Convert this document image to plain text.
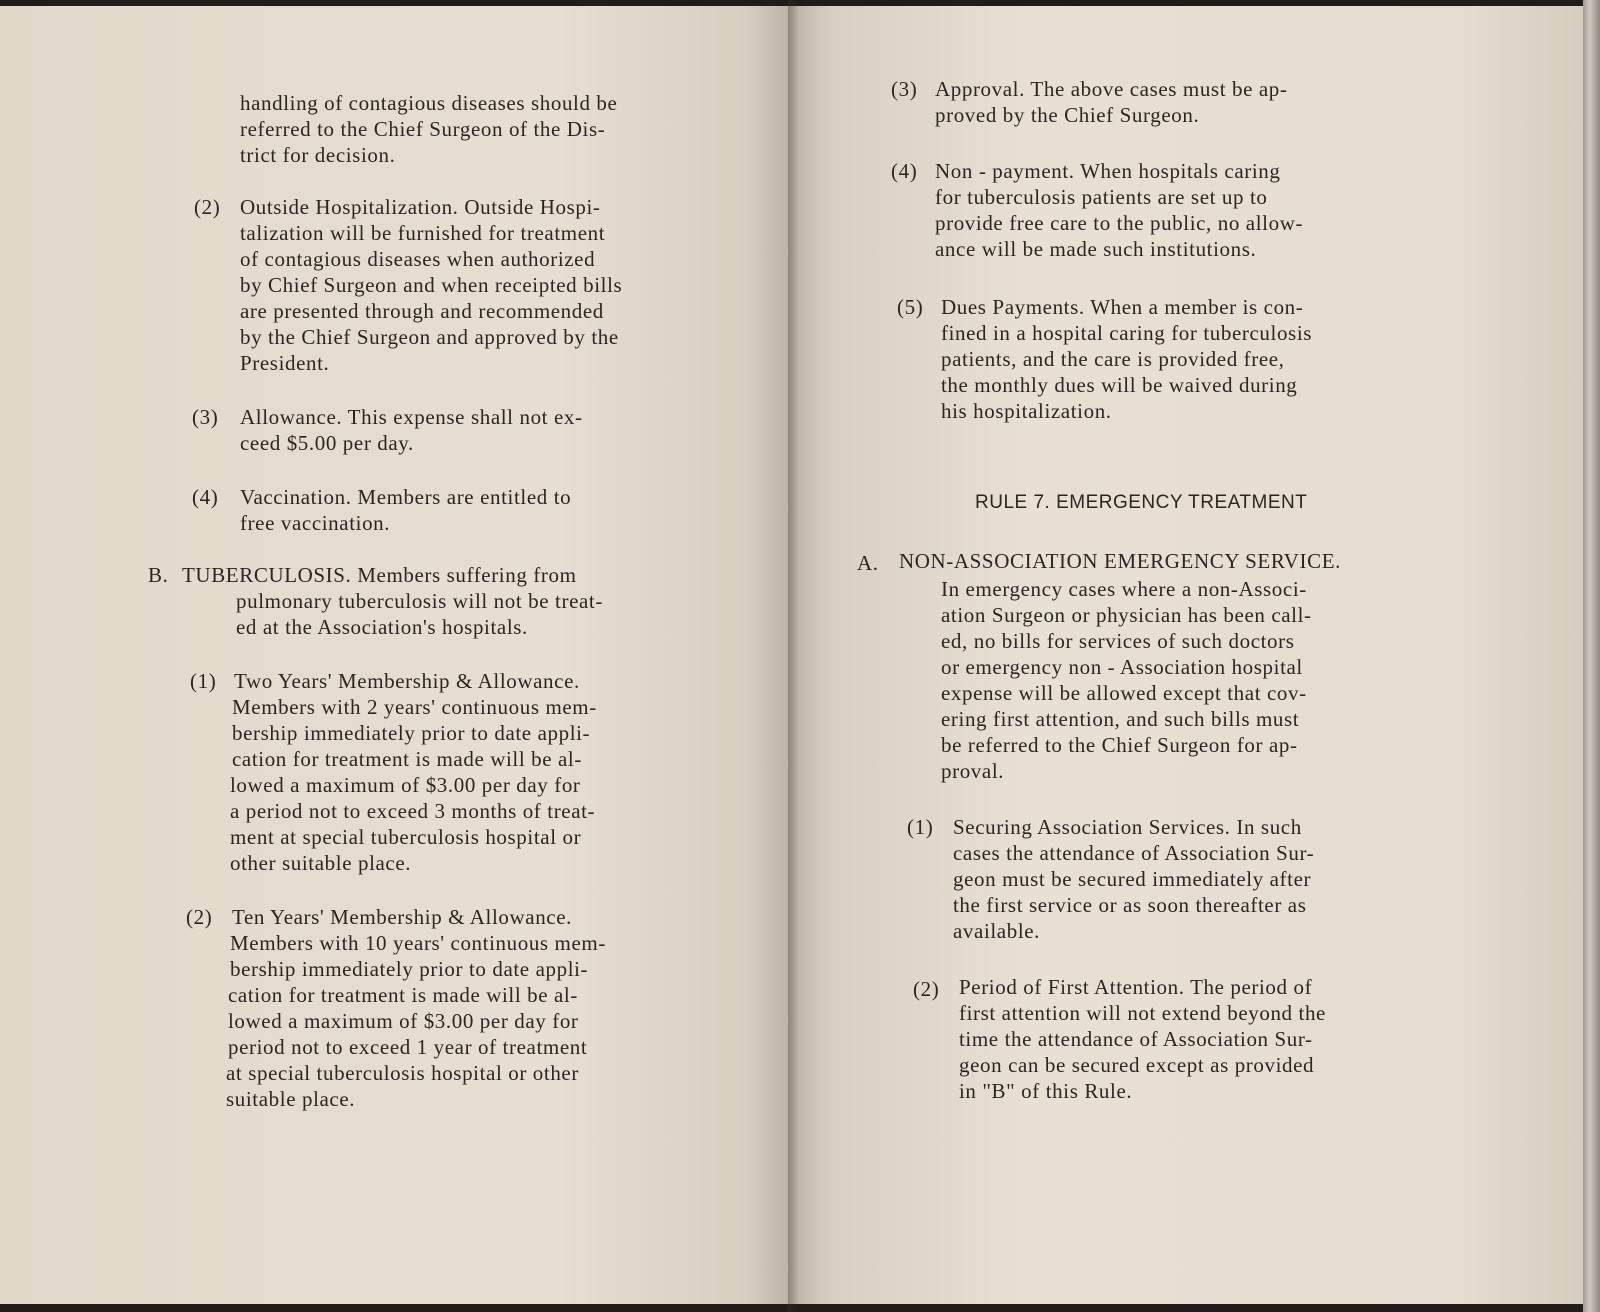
handling of contagious diseases should be
referred to the Chief Surgeon of the Dis-
trict for decision.
(2) Outside Hospitalization. Outside Hospi-
talization will be furnished for treatment
of contagious diseases when authorized
by Chief Surgeon and when receipted bills
are presented through and recommended
by the Chief Surgeon and approved by the
President.
(3) Allowance. This expense shall not ex-
ceed $5.00 per day.
(4) Vaccination. Members are entitled to
free vaccination.
B. TUBERCULOSIS. Members suffering from
pulmonary tuberculosis will not be treat-
ed at the Association's hospitals.
(1) Two Years' Membership & Allowance.
Members with 2 years' continuous mem-
bership immediately prior to date appli-
cation for treatment is made will be al-
lowed a maximum of $3.00 per day for
a period not to exceed 3 months of treat-
ment at special tuberculosis hospital or
other suitable place.
(2) Ten Years' Membership & Allowance.
Members with 10 years' continuous mem-
bership immediately prior to date appli-
cation for treatment is made will be al-
lowed a maximum of $3.00 per day for
period not to exceed 1 year of treatment
at special tuberculosis hospital or other
suitable place.
(3) Approval. The above cases must be ap-
proved by the Chief Surgeon.
(4) Non - payment. When hospitals caring
for tuberculosis patients are set up to
provide free care to the public, no allow-
ance will be made such institutions.
(5) Dues Payments. When a member is con-
fined in a hospital caring for tuberculosis
patients, and the care is provided free,
the monthly dues will be waived during
his hospitalization.
RULE 7. EMERGENCY TREATMENT
A. NON-ASSOCIATION EMERGENCY SERVICE.
In emergency cases where a non-Associ-
ation Surgeon or physician has been call-
ed, no bills for services of such doctors
or emergency non - Association hospital
expense will be allowed except that cov-
ering first attention, and such bills must
be referred to the Chief Surgeon for ap-
proval.
(1) Securing Association Services. In such
cases the attendance of Association Sur-
geon must be secured immediately after
the first service or as soon thereafter as
available.
(2) Period of First Attention. The period of
first attention will not extend beyond the
time the attendance of Association Sur-
geon can be secured except as provided
in "B" of this Rule.
